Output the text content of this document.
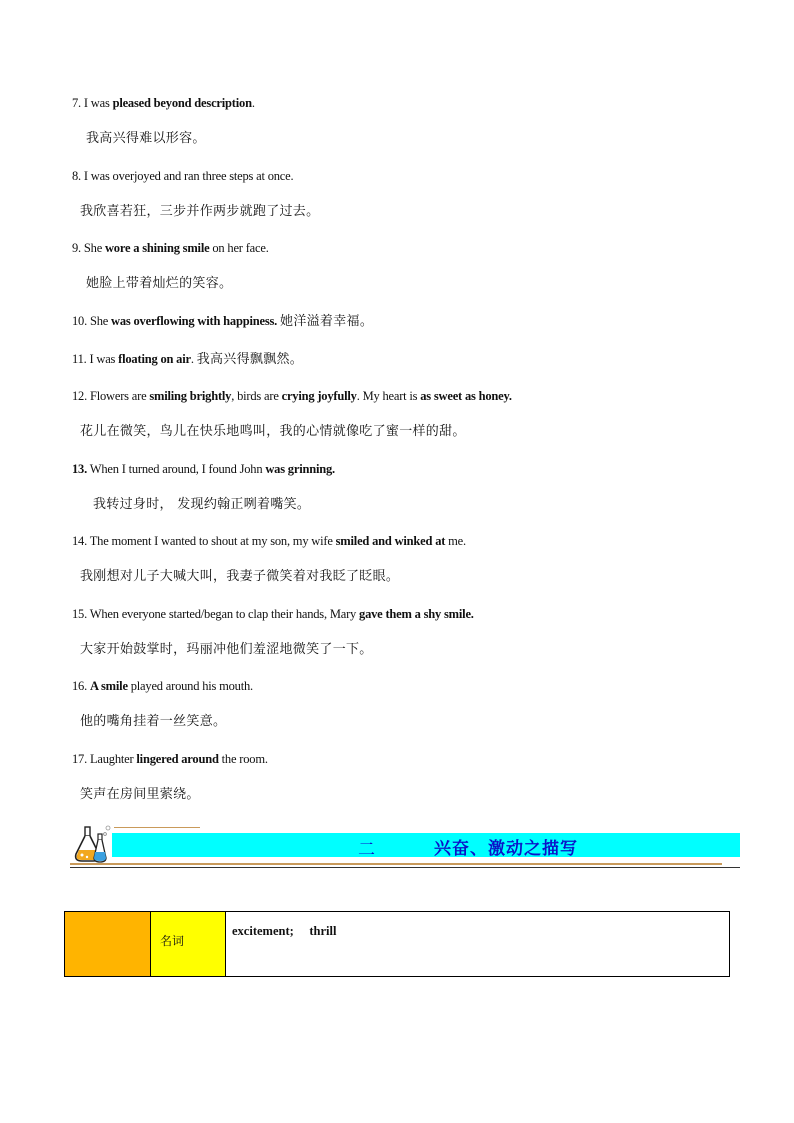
7. I was pleased beyond description.
我高兴得难以形容。
8. I was overjoyed and ran three steps at once.
我欣喜若狂，三步并作两步就跑了过去。
9. She wore a shining smile on her face.
她脸上带着灿烂的笑容。
10. She was overflowing with happiness. 她洋溢着幸福。
11. I was floating on air. 我高兴得飘飘然。
12. Flowers are smiling brightly, birds are crying joyfully. My heart is as sweet as honey.
花儿在微笑，鸟儿在快乐地鸣叫，我的心情就像吃了蜜一样的甜。
13. When I turned around, I found John was grinning.
我转过身时， 发现约翰正咧着嘴笑。
14. The moment I wanted to shout at my son, my wife smiled and winked at me.
我刚想对儿子大喊大叫，我妻子微笑着对我眨了眨眼。
15. When everyone started/began to clap their hands, Mary gave them a shy smile.
大家开始鼓掌时，玛丽冲他们羞涩地微笑了一下。
16. A smile played around his mouth.
他的嘴角挂着一丝笑意。
17. Laughter lingered around the room.
笑声在房间里萦绕。
二	兴奋、激动之描写
名词
excitement;     thrill
